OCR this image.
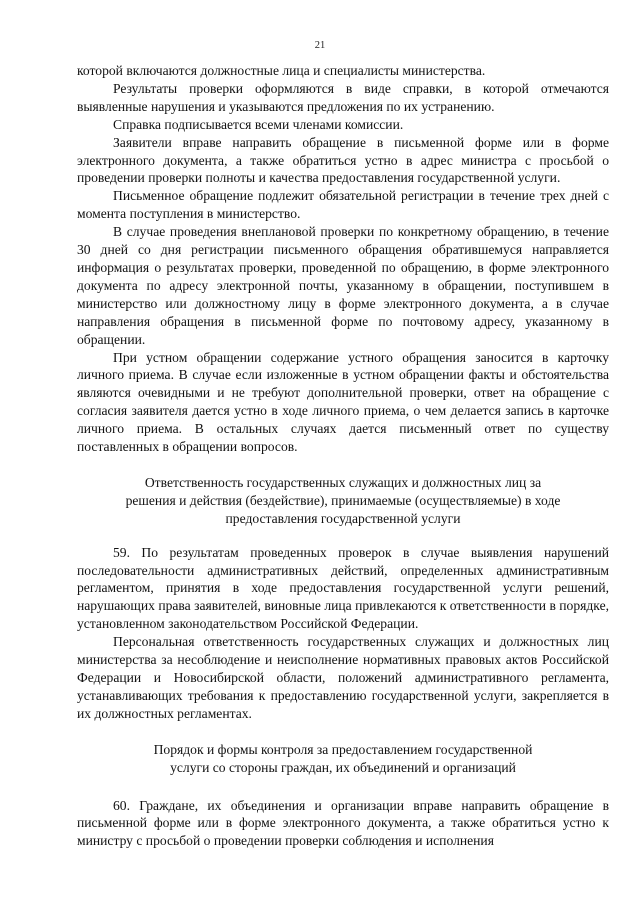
21

которой включаются должностные лица и специалисты министерства.

Результаты проверки оформляются в виде справки, в которой отмечаются выявленные нарушения и указываются предложения по их устранению.

Справка подписывается всеми членами комиссии.

Заявители вправе направить обращение в письменной форме или в форме электронного документа, а также обратиться устно в адрес министра с просьбой о проведении проверки полноты и качества предоставления государственной услуги.

Письменное обращение подлежит обязательной регистрации в течение трех дней с момента поступления в министерство.

В случае проведения внеплановой проверки по конкретному обращению, в течение 30 дней со дня регистрации письменного обращения обратившемуся направляется информация о результатах проверки, проведенной по обращению, в форме электронного документа по адресу электронной почты, указанному в обращении, поступившем в министерство или должностному лицу в форме электронного документа, а в случае направления обращения в письменной форме по почтовому адресу, указанному в обращении.

При устном обращении содержание устного обращения заносится в карточку личного приема. В случае если изложенные в устном обращении факты и обстоятельства являются очевидными и не требуют дополнительной проверки, ответ на обращение с согласия заявителя дается устно в ходе личного приема, о чем делается запись в карточке личного приема. В остальных случаях дается письменный ответ по существу поставленных в обращении вопросов.

Ответственность государственных служащих и должностных лиц за
решения и действия (бездействие), принимаемые (осуществляемые) в ходе
предоставления государственной услуги

59. По результатам проведенных проверок в случае выявления нарушений последовательности административных действий, определенных административным регламентом, принятия в ходе предоставления государственной услуги решений, нарушающих права заявителей, виновные лица привлекаются к ответственности в порядке, установленном законодательством Российской Федерации.

Персональная ответственность государственных служащих и должностных лиц министерства за несоблюдение и неисполнение нормативных правовых актов Российской Федерации и Новосибирской области, положений административного регламента, устанавливающих требования к предоставлению государственной услуги, закрепляется в их должностных регламентах.

Порядок и формы контроля за предоставлением государственной
услуги со стороны граждан, их объединений и организаций

60. Граждане, их объединения и организации вправе направить обращение в письменной форме или в форме электронного документа, а также обратиться устно к министру с просьбой о проведении проверки соблюдения и исполнения
